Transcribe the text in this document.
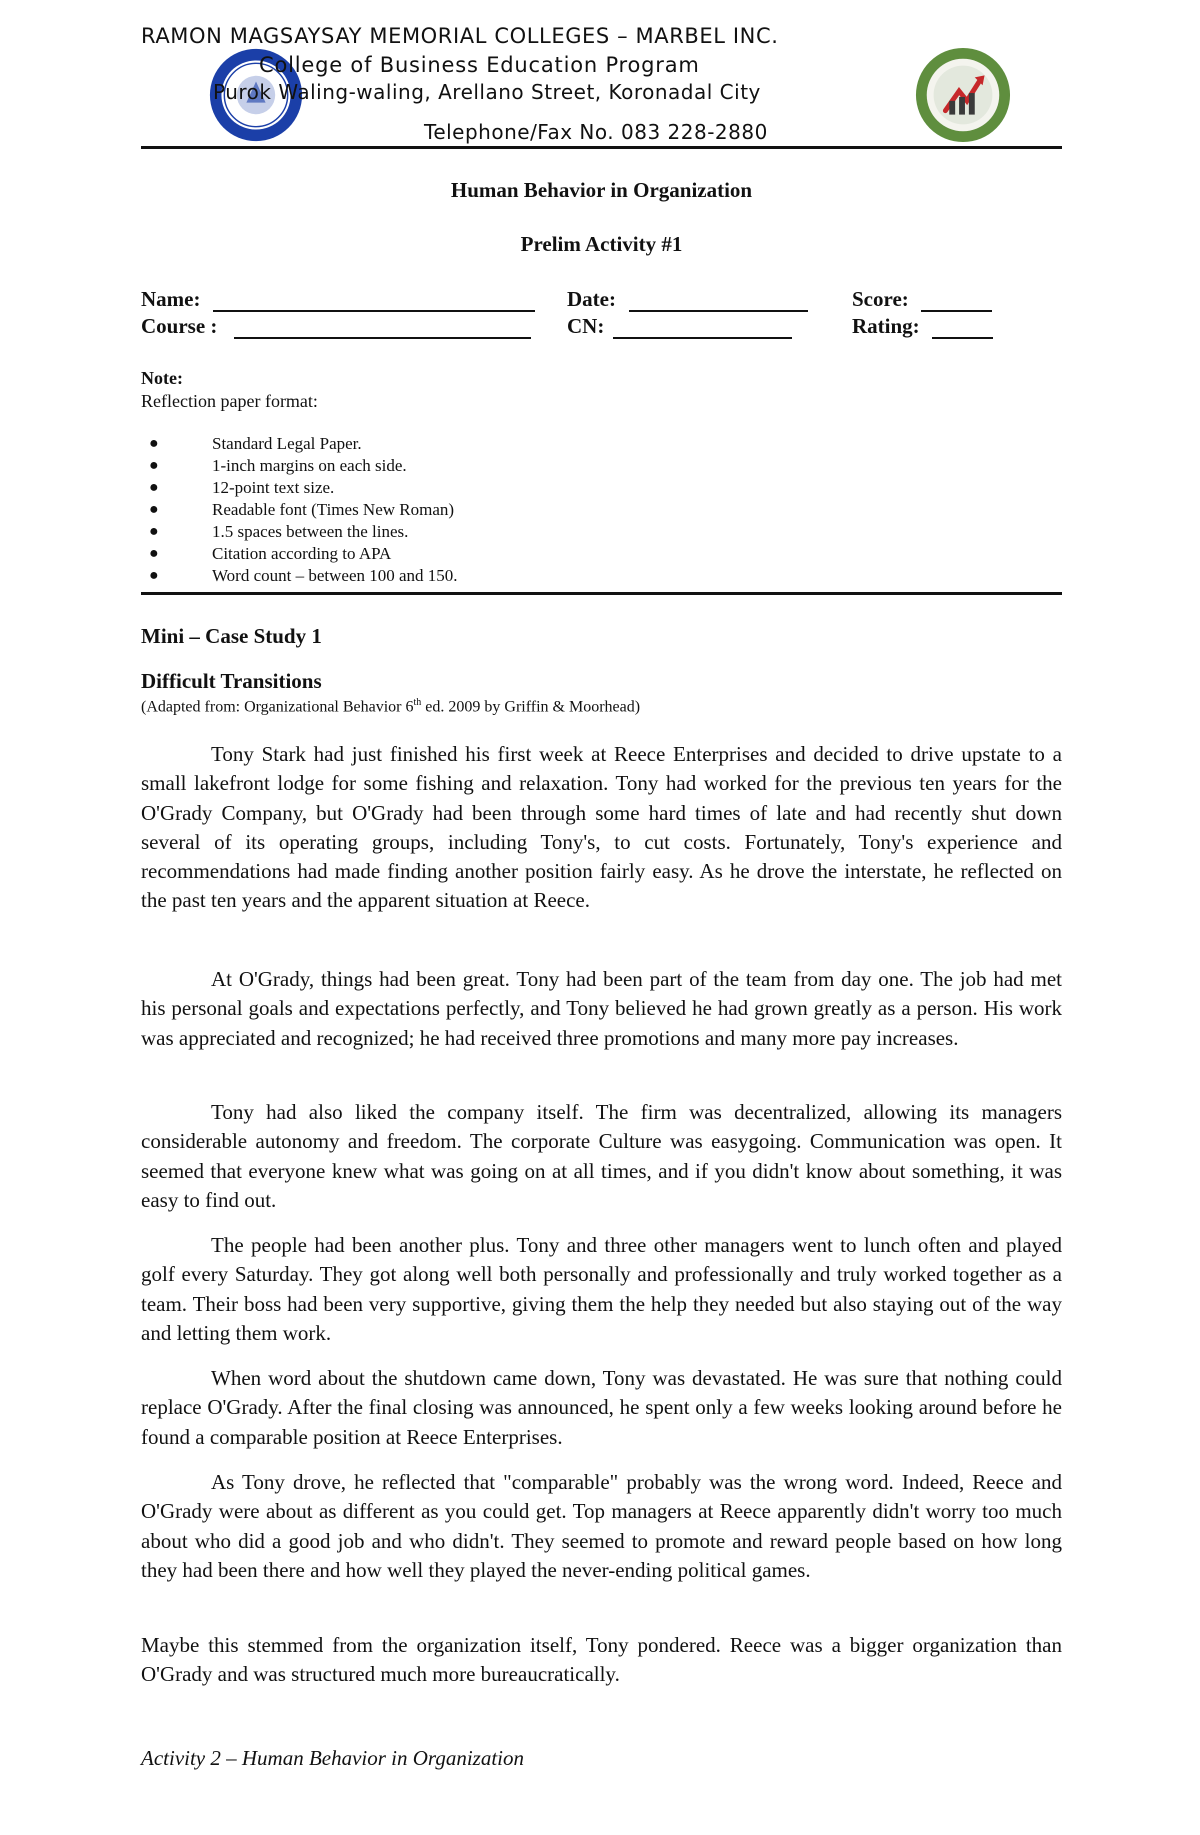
RAMON MAGSAYSAY MEMORIAL COLLEGES – MARBEL INC.
College of Business Education Program
Purok Waling-waling, Arellano Street, Koronadal City
Telephone/Fax No. 083 228-2880
Human Behavior in Organization
Prelim Activity #1
Name:	Date:	Score:
Course :	CN:	Rating:
Note:
Reflection paper format:
●	Standard Legal Paper.
●	1-inch margins on each side.
●	12-point text size.
●	Readable font (Times New Roman)
●	1.5 spaces between the lines.
●	Citation according to APA
●	Word count – between 100 and 150.
Mini – Case Study 1
Difficult Transitions
(Adapted from: Organizational Behavior 6th ed. 2009 by Griffin & Moorhead)

Tony Stark had just finished his first week at Reece Enterprises and decided to drive upstate to a small lakefront lodge for some fishing and relaxation. Tony had worked for the previous ten years for the O'Grady Company, but O'Grady had been through some hard times of late and had recently shut down several of its operating groups, including Tony's, to cut costs. Fortunately, Tony's experience and recommendations had made finding another position fairly easy. As he drove the interstate, he reflected on the past ten years and the apparent situation at Reece.

At O'Grady, things had been great. Tony had been part of the team from day one. The job had met his personal goals and expectations perfectly, and Tony believed he had grown greatly as a person. His work was appreciated and recognized; he had received three promotions and many more pay increases.

Tony had also liked the company itself. The firm was decentralized, allowing its managers considerable autonomy and freedom. The corporate Culture was easygoing. Communication was open. It seemed that everyone knew what was going on at all times, and if you didn't know about something, it was easy to find out.

The people had been another plus. Tony and three other managers went to lunch often and played golf every Saturday. They got along well both personally and professionally and truly worked together as a team. Their boss had been very supportive, giving them the help they needed but also staying out of the way and letting them work.

When word about the shutdown came down, Tony was devastated. He was sure that nothing could replace O'Grady. After the final closing was announced, he spent only a few weeks looking around before he found a comparable position at Reece Enterprises.

As Tony drove, he reflected that "comparable" probably was the wrong word. Indeed, Reece and O'Grady were about as different as you could get. Top managers at Reece apparently didn't worry too much about who did a good job and who didn't. They seemed to promote and reward people based on how long they had been there and how well they played the never-ending political games.

Maybe this stemmed from the organization itself, Tony pondered. Reece was a bigger organization than O'Grady and was structured much more bureaucratically.

Activity 2 – Human Behavior in Organization
